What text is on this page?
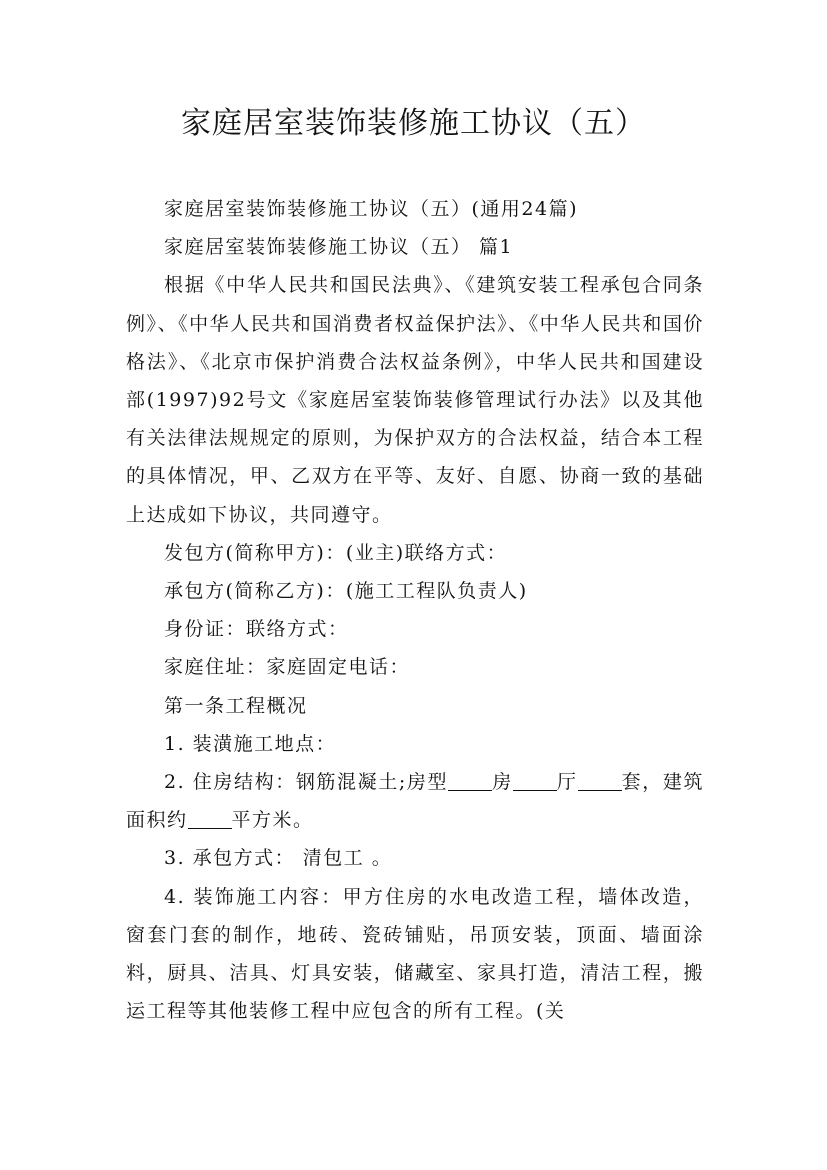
家庭居室装饰装修施工协议（五）

家庭居室装饰装修施工协议（五）(通用24篇)

家庭居室装饰装修施工协议（五） 篇1

根据《中华人民共和国民法典》、《建筑安装工程承包合同条例》、《中华人民共和国消费者权益保护法》、《中华人民共和国价格法》、《北京市保护消费合法权益条例》，中华人民共和国建设部(1997)92号文《家庭居室装饰装修管理试行办法》以及其他有关法律法规规定的原则，为保护双方的合法权益，结合本工程的具体情况，甲、乙双方在平等、友好、自愿、协商一致的基础上达成如下协议，共同遵守。

发包方(简称甲方)：(业主)联络方式：

承包方(简称乙方)：(施工工程队负责人)

身份证：联络方式：

家庭住址：家庭固定电话：

第一条工程概况

1. 装潢施工地点：

2. 住房结构：钢筋混凝土;房型 房 厅 套，建筑面积约 平方米。

3. 承包方式： 清包工 。

4. 装饰施工内容：甲方住房的水电改造工程，墙体改造，窗套门套的制作，地砖、瓷砖铺贴，吊顶安装，顶面、墙面涂料，厨具、洁具、灯具安装，储藏室、家具打造，清洁工程，搬运工程等其他装修工程中应包含的所有工程。(关
